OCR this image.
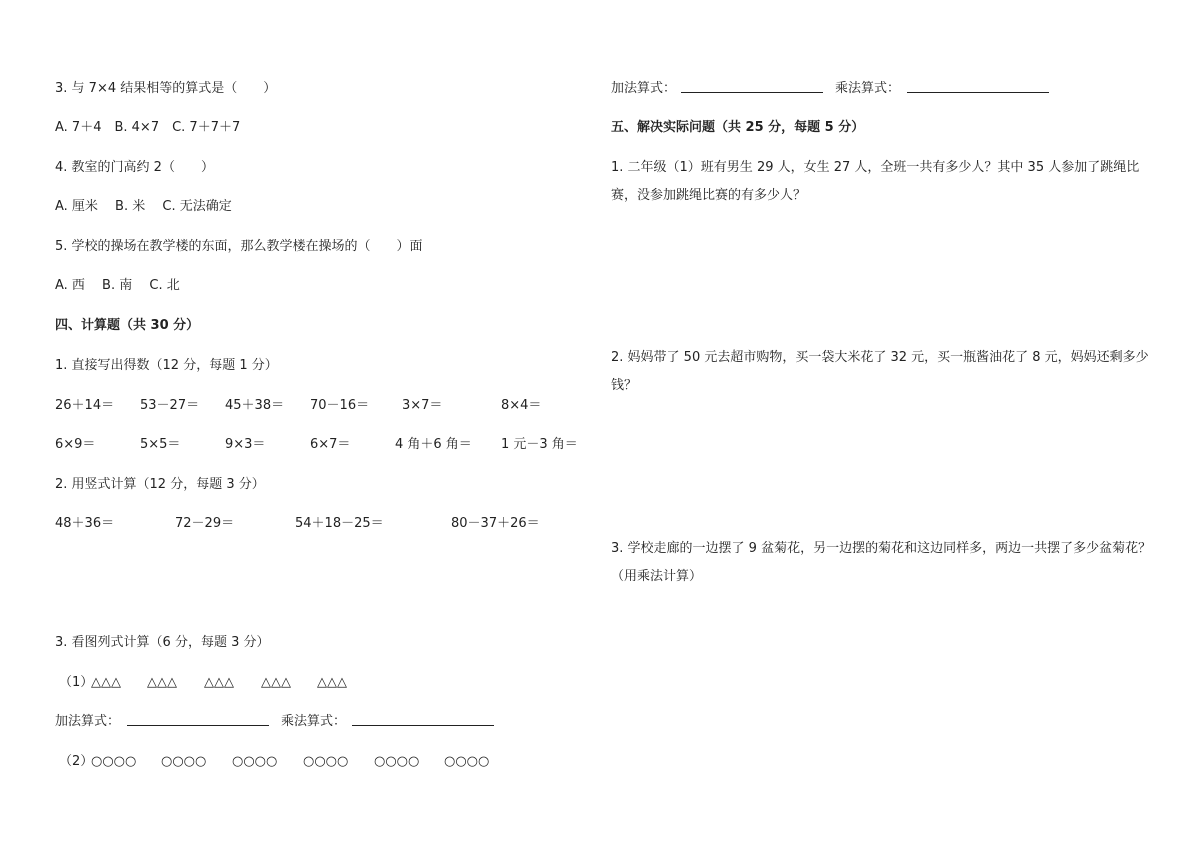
3. 与 7×4 结果相等的算式是（　　）
A. 7＋4　B. 4×7　C. 7＋7＋7
4. 教室的门高约 2（　　）
A. 厘米　 B. 米　 C. 无法确定
5. 学校的操场在教学楼的东面，那么教学楼在操场的（　　）面
A. 西　 B. 南　 C. 北
四、计算题（共 30 分）
1. 直接写出得数（12 分，每题 1 分）
26＋14＝ 53－27＝ 45＋38＝ 70－16＝	3×7＝	8×4＝
6×9＝	5×5＝	9×3＝	6×7＝	4 角＋6 角＝ 1 元－3 角＝
2. 用竖式计算（12 分，每题 3 分）
48＋36＝	72－29＝	54＋18－25＝	80－37＋26＝
3. 看图列式计算（6 分，每题 3 分）
（1）
△△△ △△△ △△△ △△△ △△△
加法算式：	乘法算式：
（2）
○○○○ ○○○○ ○○○○ ○○○○ ○○○○ ○○○○
加法算式：	乘法算式：
五、解决实际问题（共 25 分，每题 5 分）
1. 二年级（1）班有男生 29 人，女生 27 人，全班一共有多少人？其中 35 人参加了跳绳比赛，没参加跳绳比赛的有多少人？
2. 妈妈带了 50 元去超市购物，买一袋大米花了 32 元，买一瓶酱油花了 8 元，妈妈还剩多少钱？
3. 学校走廊的一边摆了 9 盆菊花，另一边摆的菊花和这边同样多，两边一共摆了多少盆菊花？（用乘法计算）
